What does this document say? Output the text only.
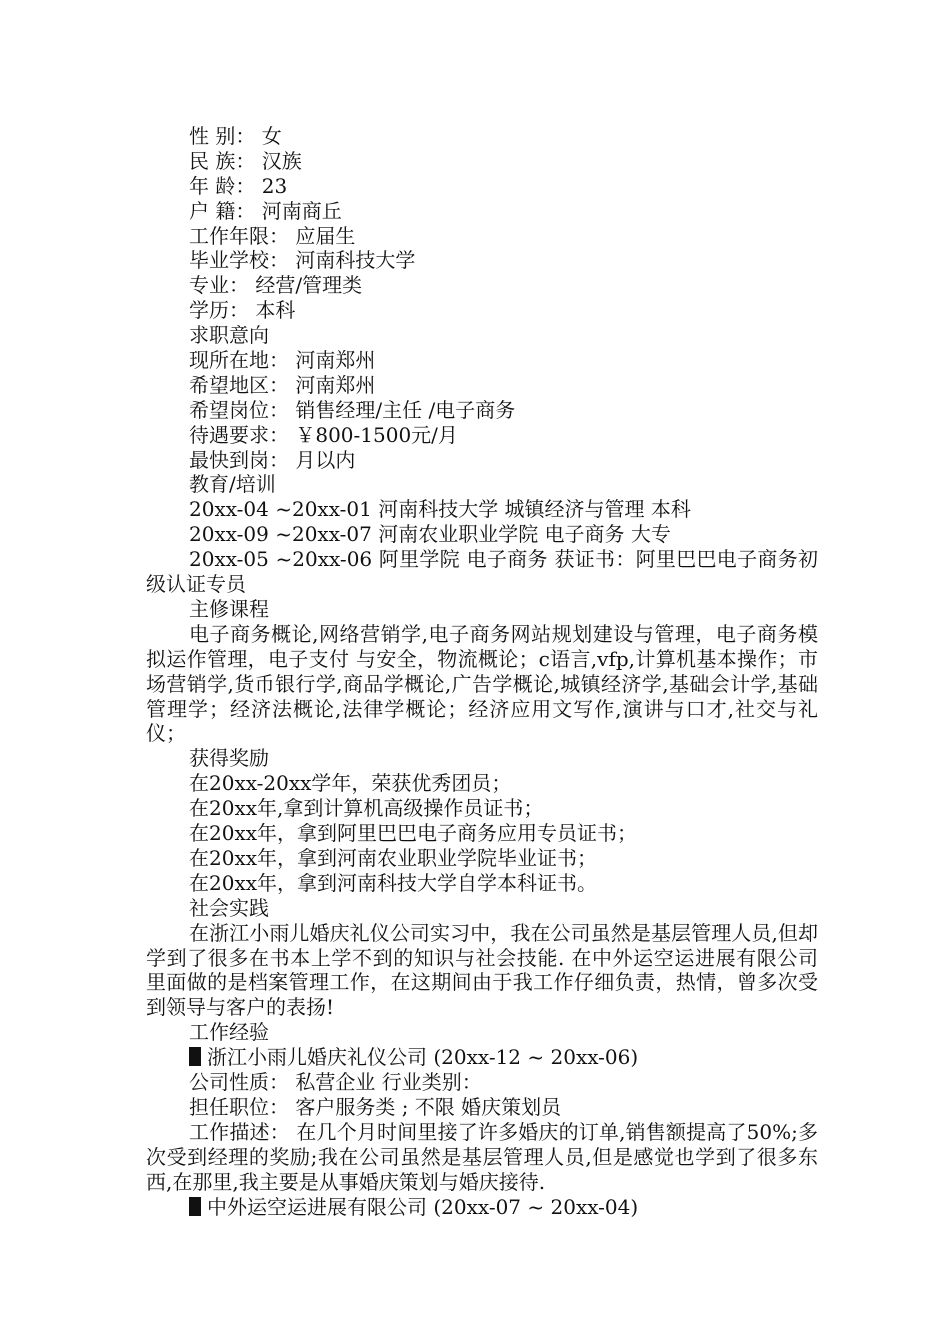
性 别： 女
民 族： 汉族
年 龄： 23
户 籍： 河南商丘
工作年限： 应届生
毕业学校： 河南科技大学
专业： 经营/管理类
学历： 本科
求职意向
现所在地： 河南郑州
希望地区： 河南郑州
希望岗位： 销售经理/主任 /电子商务
待遇要求： ￥800-1500元/月
最快到岗： 月以内
教育/培训
20xx-04 ~20xx-01 河南科技大学 城镇经济与管理 本科
20xx-09 ~20xx-07 河南农业职业学院 电子商务 大专
20xx-05 ~20xx-06 阿里学院 电子商务 获证书：阿里巴巴电子商务初级认证专员
主修课程
电子商务概论,网络营销学,电子商务网站规划建设与管理，电子商务模拟运作管理，电子支付 与安全，物流概论；c语言,vfp,计算机基本操作；市场营销学,货币银行学,商品学概论,广告学概论,城镇经济学,基础会计学,基础管理学；经济法概论,法律学概论；经济应用文写作,演讲与口才,社交与礼仪；
获得奖励
在20xx-20xx学年，荣获优秀团员；
在20xx年,拿到计算机高级操作员证书；
在20xx年，拿到阿里巴巴电子商务应用专员证书；
在20xx年，拿到河南农业职业学院毕业证书；
在20xx年，拿到河南科技大学自学本科证书。
社会实践
在浙江小雨儿婚庆礼仪公司实习中，我在公司虽然是基层管理人员,但却学到了很多在书本上学不到的知识与社会技能. 在中外运空运进展有限公司里面做的是档案管理工作，在这期间由于我工作仔细负责，热情，曾多次受到领导与客户的表扬!
工作经验
浙江小雨儿婚庆礼仪公司 (20xx-12 ~ 20xx-06)
公司性质： 私营企业 行业类别：
担任职位： 客户服务类 ; 不限 婚庆策划员
工作描述： 在几个月时间里接了许多婚庆的订单,销售额提高了50%;多次受到经理的奖励;我在公司虽然是基层管理人员,但是感觉也学到了很多东西,在那里,我主要是从事婚庆策划与婚庆接待.
中外运空运进展有限公司 (20xx-07 ~ 20xx-04)
